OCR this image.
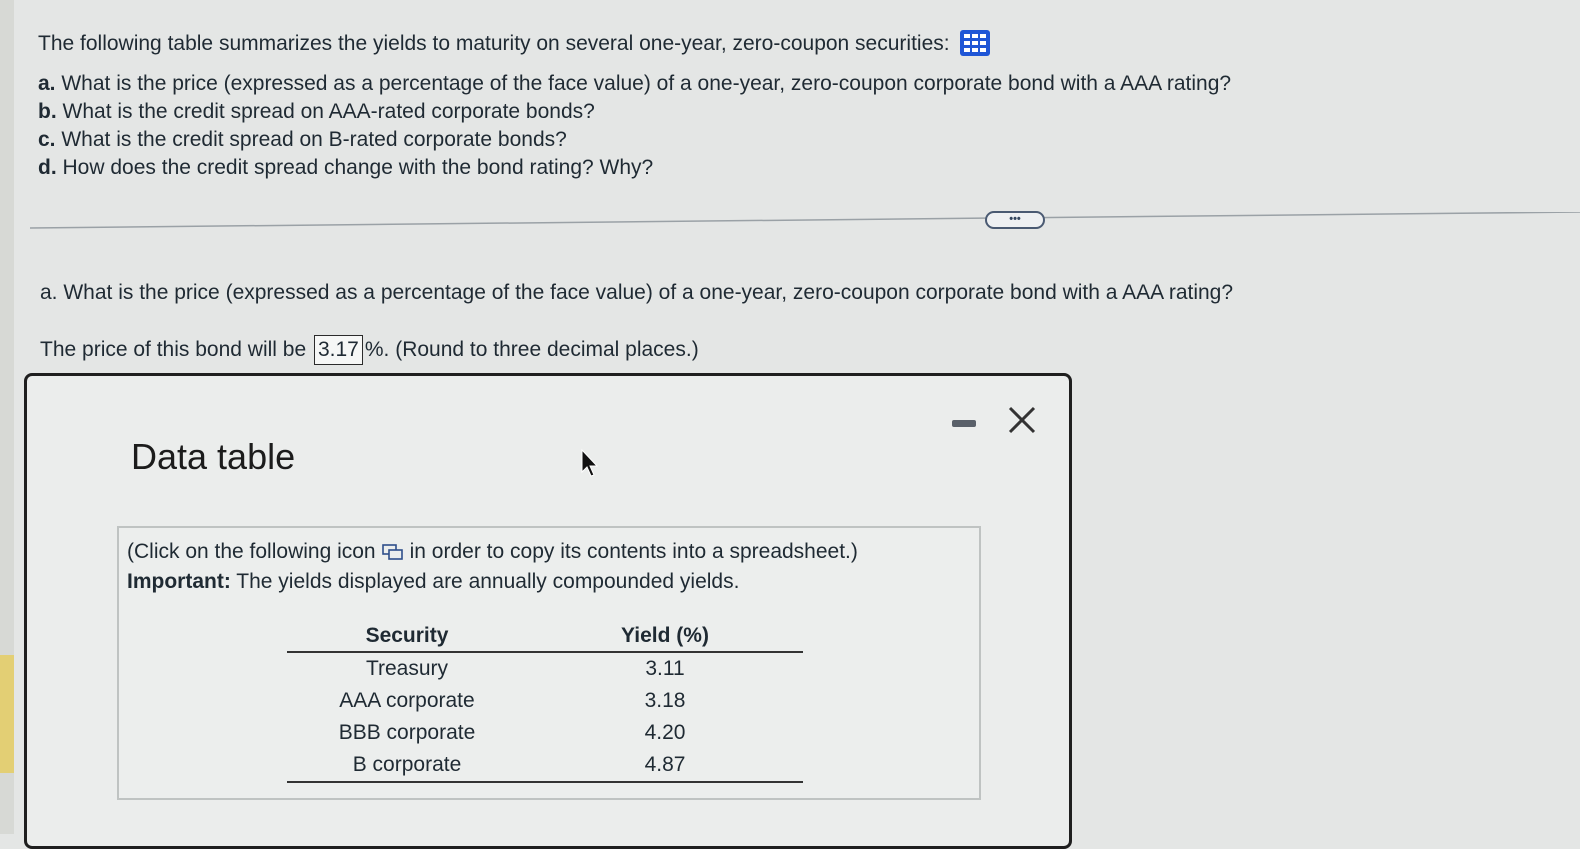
The following table summarizes the yields to maturity on several one-year, zero-coupon securities:
a. What is the price (expressed as a percentage of the face value) of a one-year, zero-coupon corporate bond with a AAA rating?
b. What is the credit spread on AAA-rated corporate bonds?
c. What is the credit spread on B-rated corporate bonds?
d. How does the credit spread change with the bond rating? Why?
•••
a. What is the price (expressed as a percentage of the face value) of a one-year, zero-coupon corporate bond with a AAA rating?
The price of this bond will be 3.17 %. (Round to three decimal places.)
Data table
(Click on the following icon in order to copy its contents into a spreadsheet.)
Important: The yields displayed are annually compounded yields.
Security	Yield (%)
Treasury	3.11
AAA corporate	3.18
BBB corporate	4.20
B corporate	4.87
